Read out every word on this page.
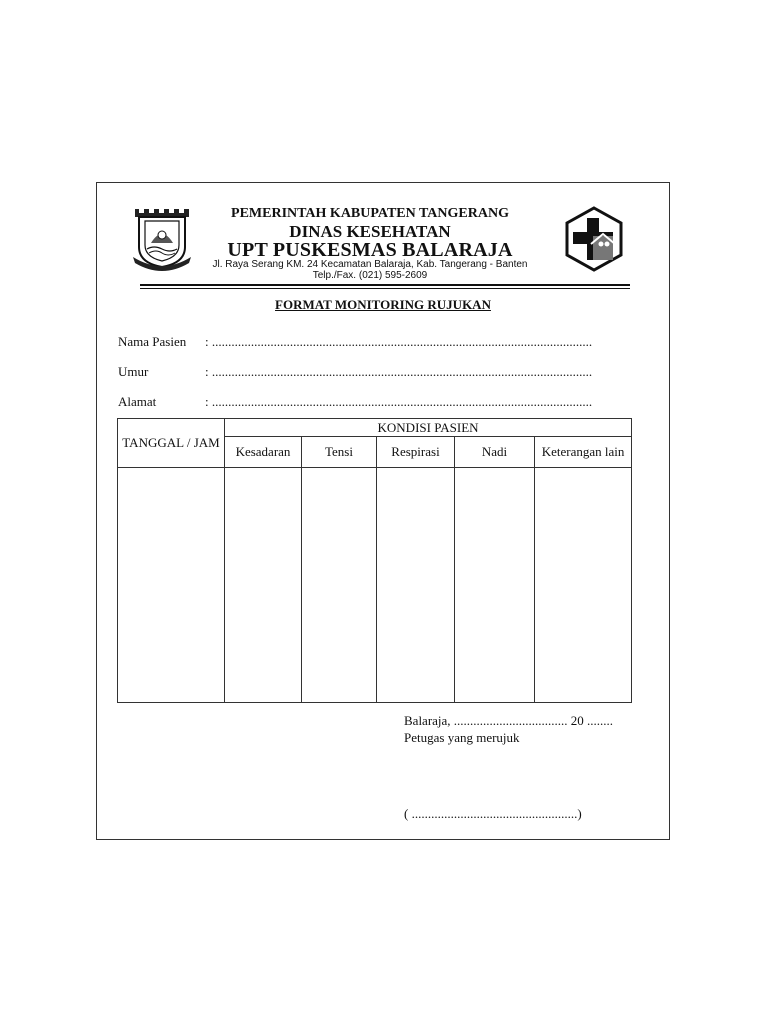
PEMERINTAH KABUPATEN TANGERANG
DINAS KESEHATAN
UPT PUSKESMAS BALARAJA
Jl. Raya Serang KM. 24 Kecamatan Balaraja, Kab. Tangerang - Banten
Telp./Fax. (021) 595-2609
FORMAT MONITORING RUJUKAN
Nama Pasien : .....................................................................................................................
Umur	: .....................................................................................................................
Alamat	: .....................................................................................................................
TANGGAL / JAM	KONDISI PASIEN				
	Kesadaran	Tensi	Respirasi	Nadi	Keterangan lain

Balaraja, ................................... 20 ........
Petugas yang merujuk
( ...................................................)
